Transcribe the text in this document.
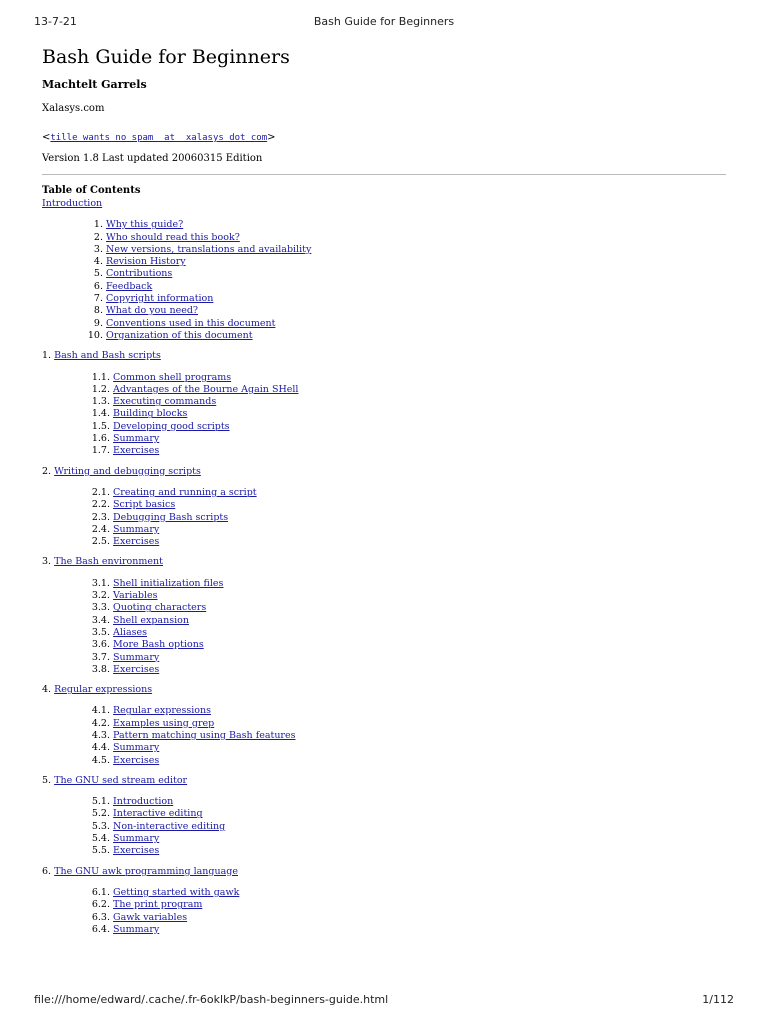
13-7-21	Bash Guide for Beginners
Bash Guide for Beginners
Machtelt Garrels
Xalasys.com
<tille wants no spam _at_ xalasys dot com>
Version 1.8 Last updated 20060315 Edition
Table of Contents
Introduction
1. Why this guide?
2. Who should read this book?
3. New versions, translations and availability
4. Revision History
5. Contributions
6. Feedback
7. Copyright information
8. What do you need?
9. Conventions used in this document
10. Organization of this document
1. Bash and Bash scripts
1.1. Common shell programs
1.2. Advantages of the Bourne Again SHell
1.3. Executing commands
1.4. Building blocks
1.5. Developing good scripts
1.6. Summary
1.7. Exercises
2. Writing and debugging scripts
2.1. Creating and running a script
2.2. Script basics
2.3. Debugging Bash scripts
2.4. Summary
2.5. Exercises
3. The Bash environment
3.1. Shell initialization files
3.2. Variables
3.3. Quoting characters
3.4. Shell expansion
3.5. Aliases
3.6. More Bash options
3.7. Summary
3.8. Exercises
4. Regular expressions
4.1. Regular expressions
4.2. Examples using grep
4.3. Pattern matching using Bash features
4.4. Summary
4.5. Exercises
5. The GNU sed stream editor
5.1. Introduction
5.2. Interactive editing
5.3. Non-interactive editing
5.4. Summary
5.5. Exercises
6. The GNU awk programming language
6.1. Getting started with gawk
6.2. The print program
6.3. Gawk variables
6.4. Summary
file:///home/edward/.cache/.fr-6oklkP/bash-beginners-guide.html	1/112
